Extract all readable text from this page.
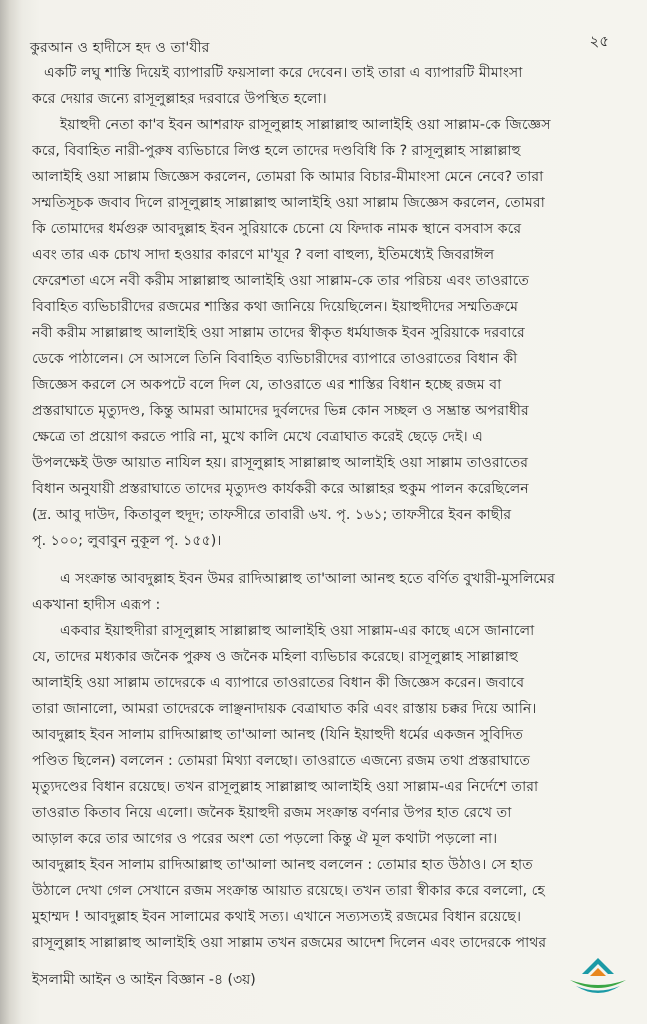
কুরআন ও হাদীসে হদ ও তা'যীর	২৫
একটি লঘু শাস্তি দিয়েই ব্যাপারটি ফয়সালা করে দেবেন। তাই তারা এ ব্যাপারটি মীমাংসা
করে দেয়ার জন্যে রাসূলুল্লাহর দরবারে উপস্থিত হলো।
ইয়াহুদী নেতা কা'ব ইবন আশরাফ রাসূলুল্লাহ সাল্লাল্লাহু আলাইহি ওয়া সাল্লাম-কে জিজ্ঞেস
করে, বিবাহিত নারী-পুরুষ ব্যভিচারে লিপ্ত হলে তাদের দণ্ডবিধি কি ? রাসূলুল্লাহ সাল্লাল্লাহু
আলাইহি ওয়া সাল্লাম জিজ্ঞেস করলেন, তোমরা কি আমার বিচার-মীমাংসা মেনে নেবে? তারা
সম্মতিসূচক জবাব দিলে রাসূলুল্লাহ সাল্লাল্লাহু আলাইহি ওয়া সাল্লাম জিজ্ঞেস করলেন, তোমরা
কি তোমাদের ধর্মগুরু আবদুল্লাহ ইবন সুরিয়াকে চেনো যে ফিদাক নামক স্থানে বসবাস করে
এবং তার এক চোখ সাদা হওয়ার কারণে মা'যূর ? বলা বাহুল্য, ইতিমধ্যেই জিবরাঈল
ফেরেশতা এসে নবী করীম সাল্লাল্লাহু আলাইহি ওয়া সাল্লাম-কে তার পরিচয় এবং তাওরাতে
বিবাহিত ব্যভিচারীদের রজমের শাস্তির কথা জানিয়ে দিয়েছিলেন। ইয়াহুদীদের সম্মতিক্রমে
নবী করীম সাল্লাল্লাহু আলাইহি ওয়া সাল্লাম তাদের স্বীকৃত ধর্মযাজক ইবন সুরিয়াকে দরবারে
ডেকে পাঠালেন। সে আসলে তিনি বিবাহিত ব্যভিচারীদের ব্যাপারে তাওরাতের বিধান কী
জিজ্ঞেস করলে সে অকপটে বলে দিল যে, তাওরাতে এর শাস্তির বিধান হচ্ছে রজম বা
প্রস্তরাঘাতে মৃত্যুদণ্ড, কিন্তু আমরা আমাদের দুর্বলদের ভিন্ন কোন সচ্ছল ও সম্ভ্রান্ত অপরাধীর
ক্ষেত্রে তা প্রয়োগ করতে পারি না, মুখে কালি মেখে বেত্রাঘাত করেই ছেড়ে দেই। এ
উপলক্ষেই উক্ত আয়াত নাযিল হয়। রাসূলুল্লাহ সাল্লাল্লাহু আলাইহি ওয়া সাল্লাম তাওরাতের
বিধান অনুযায়ী প্রস্তরাঘাতে তাদের মৃত্যুদণ্ড কার্যকরী করে আল্লাহর হুকুম পালন করেছিলেন
(দ্র. আবু দাউদ, কিতাবুল হুদূদ; তাফসীরে তাবারী ৬খ. পৃ. ১৬১; তাফসীরে ইবন কাছীর
পৃ. ১০০; লুবাবুন নুকূল পৃ. ১৫৫)।
এ সংক্রান্ত আবদুল্লাহ ইবন উমর রাদিআল্লাহু তা'আলা আনহু হতে বর্ণিত বুখারী-মুসলিমের
একখানা হাদীস এরূপ :
একবার ইয়াহুদীরা রাসূলুল্লাহ সাল্লাল্লাহু আলাইহি ওয়া সাল্লাম-এর কাছে এসে জানালো
যে, তাদের মধ্যকার জনৈক পুরুষ ও জনৈক মহিলা ব্যভিচার করেছে। রাসূলুল্লাহ সাল্লাল্লাহু
আলাইহি ওয়া সাল্লাম তাদেরকে এ ব্যাপারে তাওরাতের বিধান কী জিজ্ঞেস করেন। জবাবে
তারা জানালো, আমরা তাদেরকে লাঞ্ছনাদায়ক বেত্রাঘাত করি এবং রাস্তায় চক্কর দিয়ে আনি।
আবদুল্লাহ ইবন সালাম রাদিআল্লাহু তা'আলা আনহু (যিনি ইয়াহুদী ধর্মের একজন সুবিদিত
পণ্ডিত ছিলেন) বললেন : তোমরা মিথ্যা বলছো। তাওরাতে এজন্যে রজম তথা প্রস্তরাঘাতে
মৃত্যুদণ্ডের বিধান রয়েছে। তখন রাসূলুল্লাহ সাল্লাল্লাহু আলাইহি ওয়া সাল্লাম-এর নির্দেশে তারা
তাওরাত কিতাব নিয়ে এলো। জনৈক ইয়াহুদী রজম সংক্রান্ত বর্ণনার উপর হাত রেখে তা
আড়াল করে তার আগের ও পরের অংশ তো পড়লো কিন্তু ঐ মূল কথাটা পড়লো না।
আবদুল্লাহ ইবন সালাম রাদিআল্লাহু তা'আলা আনহু বললেন : তোমার হাত উঠাও। সে হাত
উঠালে দেখা গেল সেখানে রজম সংক্রান্ত আয়াত রয়েছে। তখন তারা স্বীকার করে বললো, হে
মুহাম্মদ ! আবদুল্লাহ ইবন সালামের কথাই সত্য। এখানে সত্যসত্যই রজমের বিধান রয়েছে।
রাসূলুল্লাহ সাল্লাল্লাহু আলাইহি ওয়া সাল্লাম তখন রজমের আদেশ দিলেন এবং তাদেরকে পাথর
ইসলামী আইন ও আইন বিজ্ঞান -৪ (৩য়)
